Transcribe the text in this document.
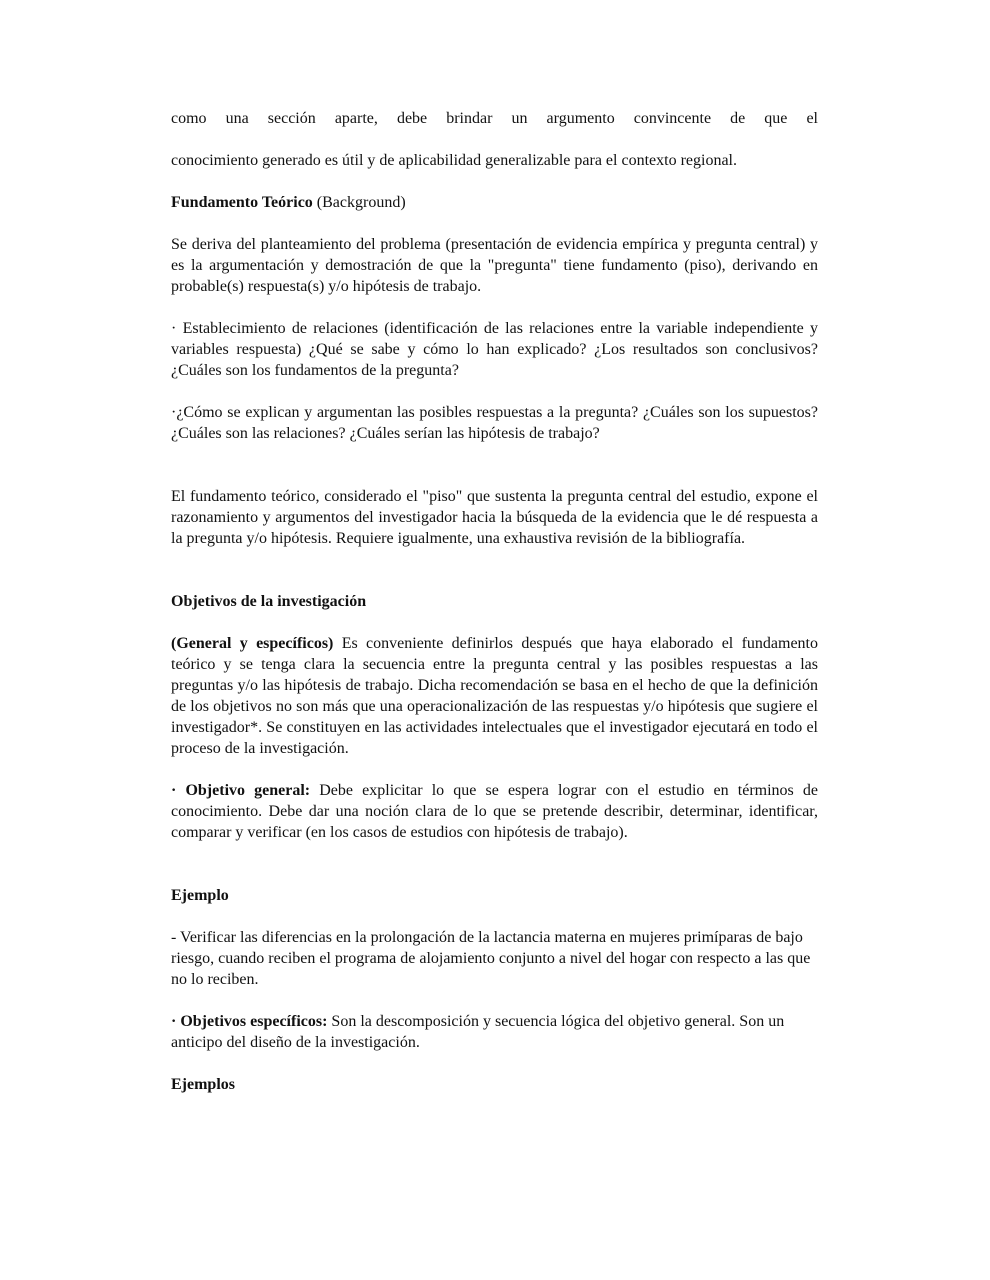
como una sección aparte, debe brindar un argumento convincente de que el

conocimiento generado es útil y de aplicabilidad generalizable para el contexto regional.

Fundamento Teórico (Background)

Se deriva del planteamiento del problema (presentación de evidencia empírica y pregunta central) y es la argumentación y demostración de que la "pregunta" tiene fundamento (piso), derivando en probable(s) respuesta(s) y/o hipótesis de trabajo.

· Establecimiento de relaciones (identificación de las relaciones entre la variable independiente y variables respuesta) ¿Qué se sabe y cómo lo han explicado? ¿Los resultados son conclusivos? ¿Cuáles son los fundamentos de la pregunta?

·¿Cómo se explican y argumentan las posibles respuestas a la pregunta? ¿Cuáles son los supuestos? ¿Cuáles son las relaciones? ¿Cuáles serían las hipótesis de trabajo?

El fundamento teórico, considerado el "piso" que sustenta la pregunta central del estudio, expone el razonamiento y argumentos del investigador hacia la búsqueda de la evidencia que le dé respuesta a la pregunta y/o hipótesis. Requiere igualmente, una exhaustiva revisión de la bibliografía.

Objetivos de la investigación

(General y específicos) Es conveniente definirlos después que haya elaborado el fundamento teórico y se tenga clara la secuencia entre la pregunta central y las posibles respuestas a las preguntas y/o las hipótesis de trabajo. Dicha recomendación se basa en el hecho de que la definición de los objetivos no son más que una operacionalización de las respuestas y/o hipótesis que sugiere el investigador*. Se constituyen en las actividades intelectuales que el investigador ejecutará en todo el proceso de la investigación.

· Objetivo general: Debe explicitar lo que se espera lograr con el estudio en términos de conocimiento. Debe dar una noción clara de lo que se pretende describir, determinar, identificar, comparar y verificar (en los casos de estudios con hipótesis de trabajo).

Ejemplo

- Verificar las diferencias en la prolongación de la lactancia materna en mujeres primíparas de bajo riesgo, cuando reciben el programa de alojamiento conjunto a nivel del hogar con respecto a las que no lo reciben.

· Objetivos específicos: Son la descomposición y secuencia lógica del objetivo general. Son un anticipo del diseño de la investigación.

Ejemplos
